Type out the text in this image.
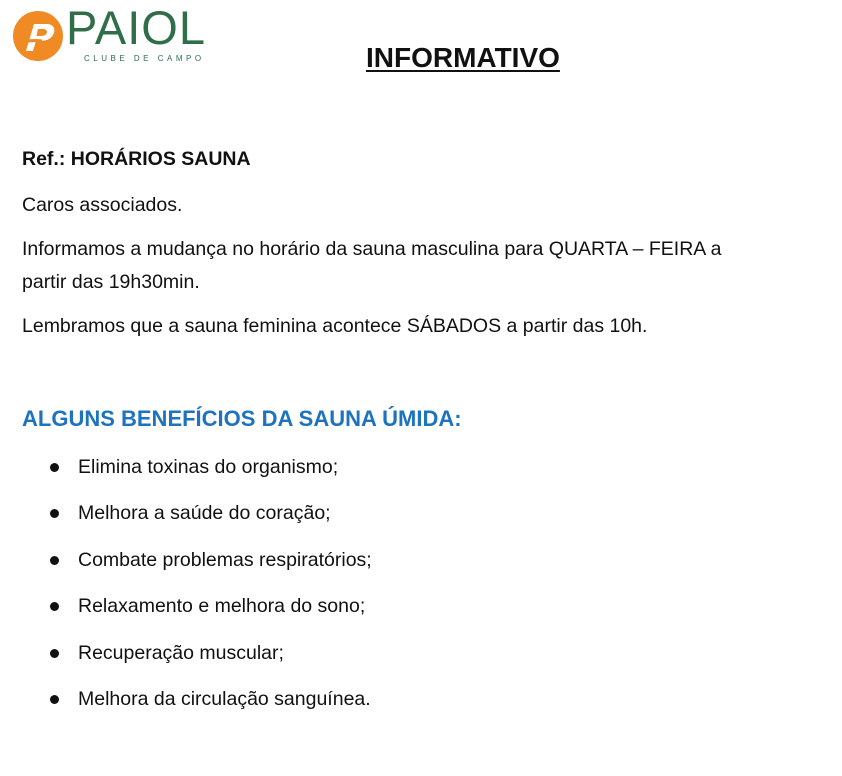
PAIOL
CLUBE DE CAMPO	INFORMATIVO

Ref.: HORÁRIOS SAUNA

Caros associados.

Informamos a mudança no horário da sauna masculina para QUARTA – FEIRA a

partir das 19h30min.

Lembramos que a sauna feminina acontece SÁBADOS a partir das 10h.

ALGUNS BENEFÍCIOS DA SAUNA ÚMIDA:
Elimina toxinas do organismo;
Melhora a saúde do coração;
Combate problemas respiratórios;
Relaxamento e melhora do sono;
Recuperação muscular;
Melhora da circulação sanguínea.
